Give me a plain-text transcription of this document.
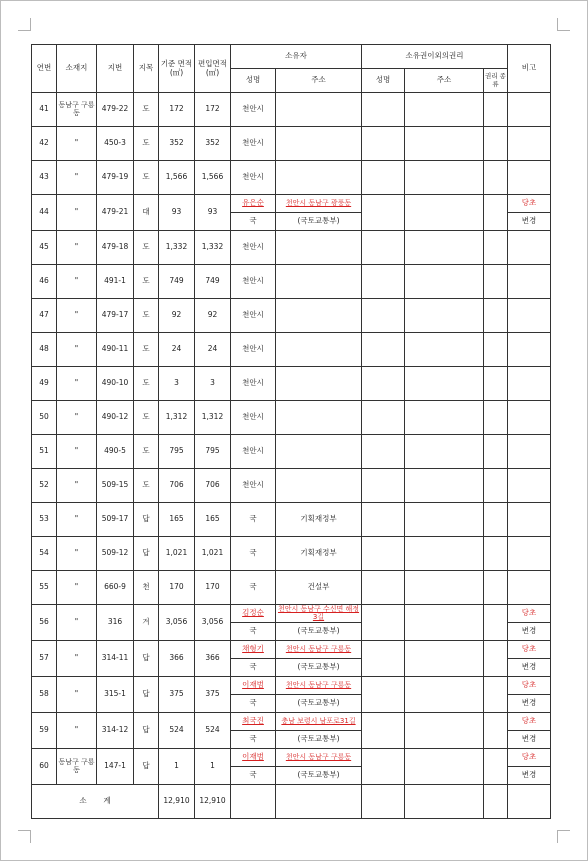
연번	소재지	지번	지목	기준 면적 (㎡)	편입면적 (㎡)	소유자		소유권이외의권리			비고
						성명	주소	성명	주소	권리 종류	
41	동남구 구룡동	479-22	도	172	172	천안시					
42	"	450-3	도	352	352	천안시					
43	"	479-19	도	1,566	1,566	천안시					
44	"	479-21	대	93	93	유은순	천안시 동남구 광풍동				당초
						국	(국토교통부)				변경
45	"	479-18	도	1,332	1,332	천안시					
46	"	491-1	도	749	749	천안시					
47	"	479-17	도	92	92	천안시					
48	"	490-11	도	24	24	천안시					
49	"	490-10	도	3	3	천안시					
50	"	490-12	도	1,312	1,312	천안시					
51	"	490-5	도	795	795	천안시					
52	"	509-15	도	706	706	천안시					
53	"	509-17	답	165	165	국	기획재정부				
54	"	509-12	답	1,021	1,021	국	기획재정부				
55	"	660-9	천	170	170	국	건설부				
56	"	316	겨	3,056	3,056	김정순	천안시 동남구 수신면 해정3길				당초
						국	(국토교통부)				변경
57	"	314-11	답	366	366	채형기	천안시 동남구 구룡동				당초
						국	(국토교통부)				변경
58	"	315-1	답	375	375	이재범	천안시 동남구 구룡동				당초
						국	(국토교통부)				변경
59	"	314-12	답	524	524	최국진	충남 보령시 남포로31길				당초
						국	(국토교통부)				변경
60	동남구 구룡동	147-1	답	1	1	이재범	천안시 동남구 구룡동				당초
						국	(국토교통부)				변경
소 계				12,910	12,910						
